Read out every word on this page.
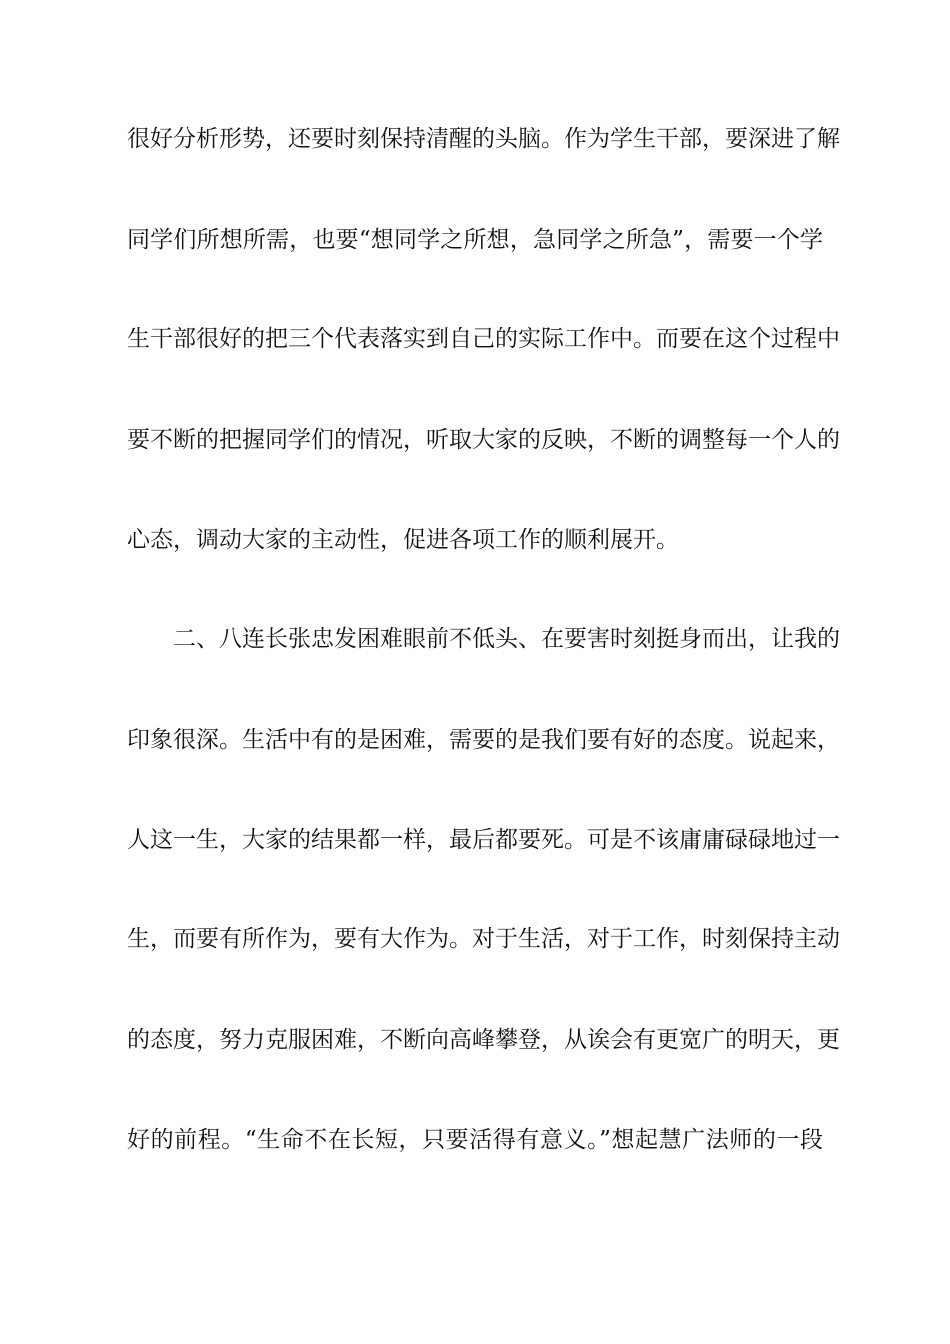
很好分析形势，还要时刻保持清醒的头脑。作为学生干部，要深进了解
同学们所想所需，也要“想同学之所想，急同学之所急”，需要一个学
生干部很好的把三个代表落实到自己的实际工作中。而要在这个过程中
要不断的把握同学们的情况，听取大家的反映，不断的调整每一个人的
心态，调动大家的主动性，促进各项工作的顺利展开。
二、八连长张忠发困难眼前不低头、在要害时刻挺身而出，让我的
印象很深。生活中有的是困难，需要的是我们要有好的态度。说起来，
人这一生，大家的结果都一样，最后都要死。可是不该庸庸碌碌地过一
生，而要有所作为，要有大作为。对于生活，对于工作，时刻保持主动
的态度，努力克服困难，不断向高峰攀登，从诶会有更宽广的明天，更
好的前程。“生命不在长短，只要活得有意义。”想起慧广法师的一段
